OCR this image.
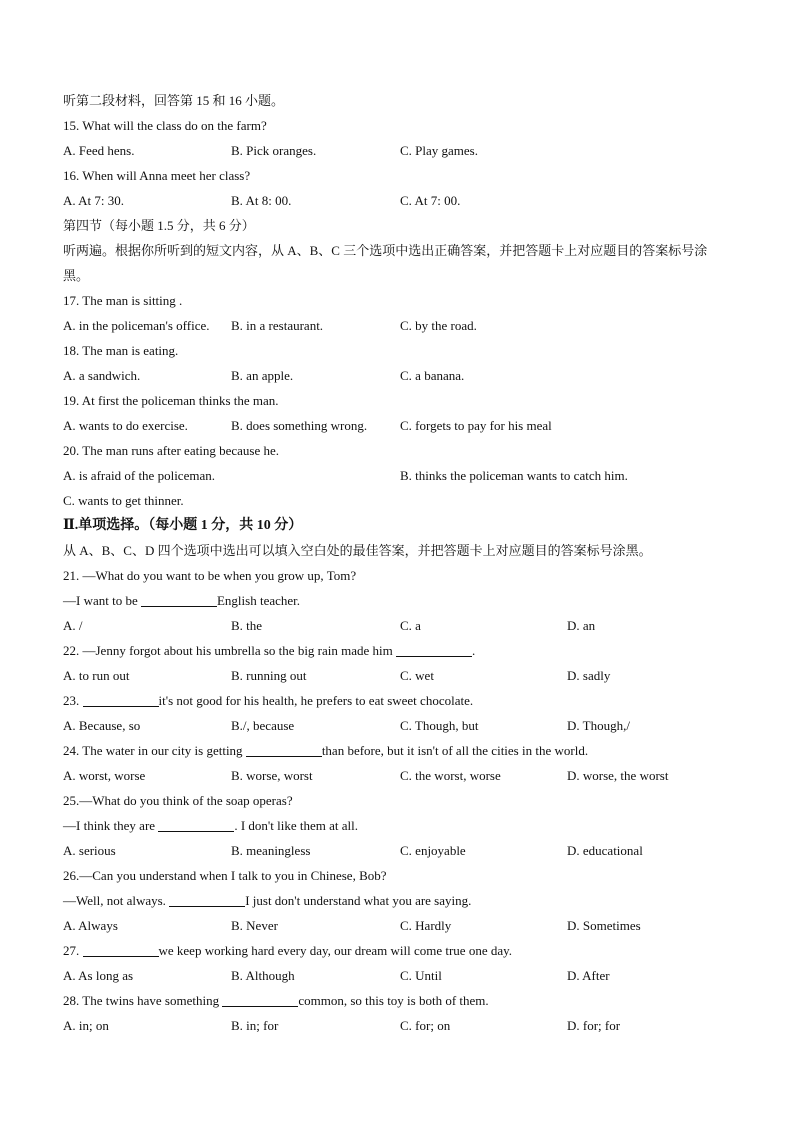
听第二段材料，回答第 15 和 16 小题。
15. What will the class do on the farm?
A. Feed hens.	B. Pick oranges.	C. Play games.
16. When will Anna meet her class?
A. At 7: 30.	B. At 8: 00.	C. At 7: 00.
第四节（每小题 1.5 分，共 6 分）
听两遍。根据你所听到的短文内容，从 A、B、C 三个选项中选出正确答案，并把答题卡上对应题目的答案标号涂黑。
17. The man is sitting .
A. in the policeman's office. B. in a restaurant.	C. by the road.
18. The man is eating.
A. a sandwich.	B. an apple.	C. a banana.
19. At first the policeman thinks the man.
A. wants to do exercise.	B. does something wrong.	C. forgets to pay for his meal
20. The man runs after eating because he.
A. is afraid of the policeman.	B. thinks the policeman wants to catch him.
C. wants to get thinner.
Ⅱ.单项选择。（每小题 1 分，共 10 分）
从 A、B、C、D 四个选项中选出可以填入空白处的最佳答案，并把答题卡上对应题目的答案标号涂黑。
21. —What do you want to be when you grow up, Tom?
—I want to be	English teacher.
A. /	B. the	C. a	D. an
22. —Jenny forgot about his umbrella so the big rain made him	.
A. to run out	B. running out	C. wet	D. sadly
23.	it's not good for his health, he prefers to eat sweet chocolate.
A. Because, so	B./, because	C. Though, but	D. Though,/
24. The water in our city is getting	than before, but it isn't of all the cities in the world.
A. worst, worse	B. worse, worst	C. the worst, worse	D. worse, the worst
25.—What do you think of the soap operas?
—I think they are	. I don't like them at all.
A. serious	B. meaningless	C. enjoyable	D. educational
26.—Can you understand when I talk to you in Chinese, Bob?
—Well, not always.	I just don't understand what you are saying.
A. Always	B. Never	C. Hardly	D. Sometimes
27.	we keep working hard every day, our dream will come true one day.
A. As long as	B. Although	C. Until	D. After
28. The twins have something	common, so this toy is both of them.
A. in; on	B. in; for	C. for; on	D. for; for
